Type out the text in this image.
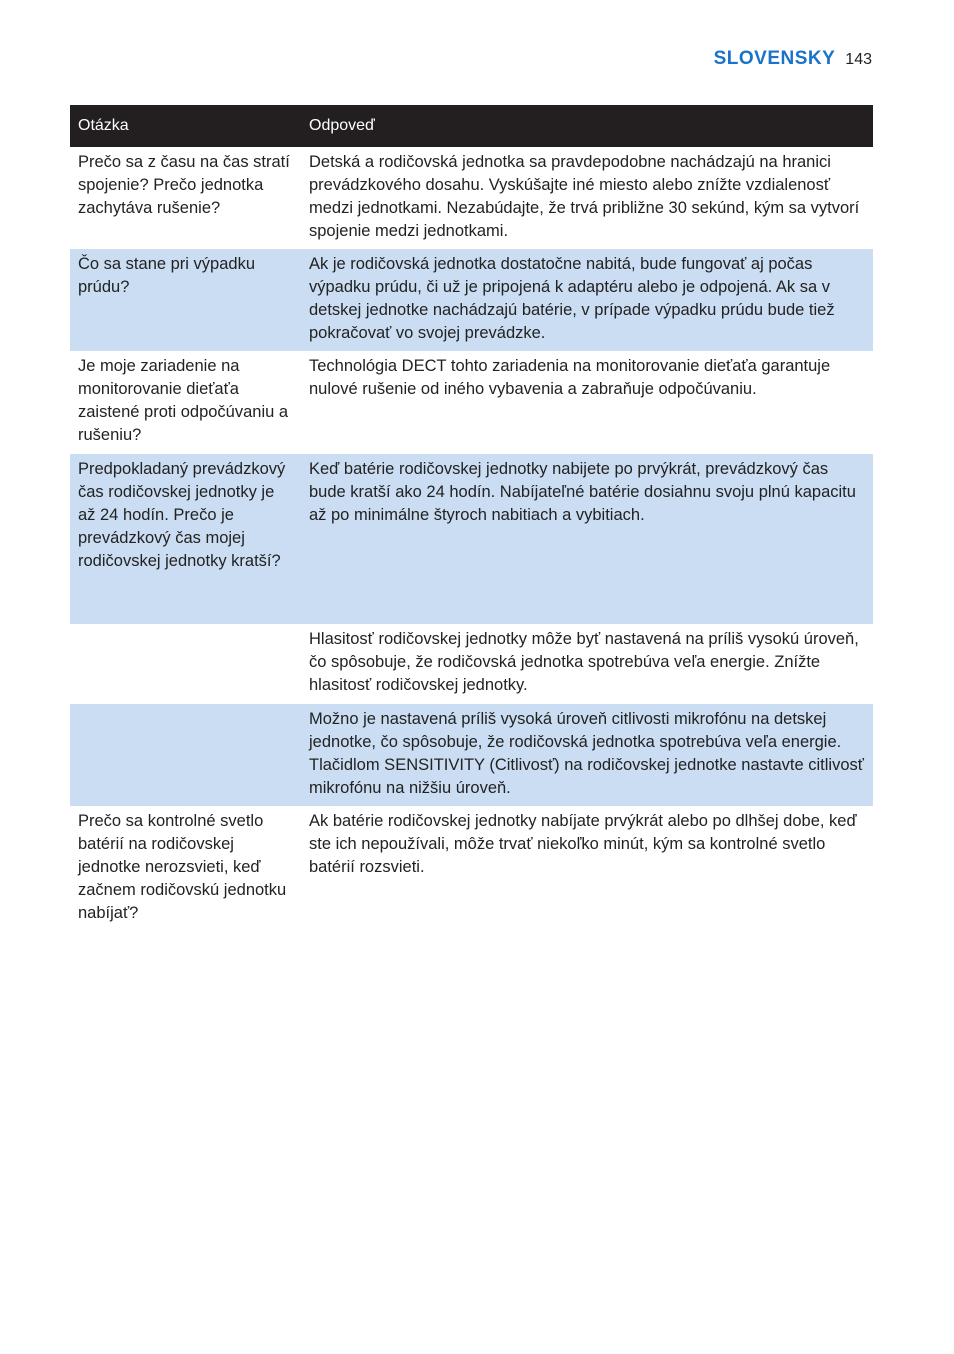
SLOVENSKY 143
Otázka	Odpoveď
Prečo sa z času na čas stratí spojenie? Prečo jednotka zachytáva rušenie?	Detská a rodičovská jednotka sa pravdepodobne nachádzajú na hranici prevádzkového dosahu. Vyskúšajte iné miesto alebo znížte vzdialenosť medzi jednotkami. Nezabúdajte, že trvá približne 30 sekúnd, kým sa vytvorí spojenie medzi jednotkami.
Čo sa stane pri výpadku prúdu?	Ak je rodičovská jednotka dostatočne nabitá, bude fungovať aj počas výpadku prúdu, či už je pripojená k adaptéru alebo je odpojená. Ak sa v detskej jednotke nachádzajú batérie, v prípade výpadku prúdu bude tiež pokračovať vo svojej prevádzke.
Je moje zariadenie na monitorovanie dieťaťa zaistené proti odpočúvaniu a rušeniu?	Technológia DECT tohto zariadenia na monitorovanie dieťaťa garantuje nulové rušenie od iného vybavenia a zabraňuje odpočúvaniu.
Predpokladaný prevádzkový čas rodičovskej jednotky je až 24 hodín. Prečo je prevádzkový čas mojej rodičovskej jednotky kratší?	Keď batérie rodičovskej jednotky nabijete po prvýkrát, prevádzkový čas bude kratší ako 24 hodín. Nabíjateľné batérie dosiahnu svoju plnú kapacitu až po minimálne štyroch nabitiach a vybitiach.
	Hlasitosť rodičovskej jednotky môže byť nastavená na príliš vysokú úroveň, čo spôsobuje, že rodičovská jednotka spotrebúva veľa energie. Znížte hlasitosť rodičovskej jednotky.
	Možno je nastavená príliš vysoká úroveň citlivosti mikrofónu na detskej jednotke, čo spôsobuje, že rodičovská jednotka spotrebúva veľa energie. Tlačidlom SENSITIVITY (Citlivosť) na rodičovskej jednotke nastavte citlivosť mikrofónu na nižšiu úroveň.
Prečo sa kontrolné svetlo batérií na rodičovskej jednotke nerozsvieti, keď začnem rodičovskú jednotku nabíjať?	Ak batérie rodičovskej jednotky nabíjate prvýkrát alebo po dlhšej dobe, keď ste ich nepoužívali, môže trvať niekoľko minút, kým sa kontrolné svetlo batérií rozsvieti.
